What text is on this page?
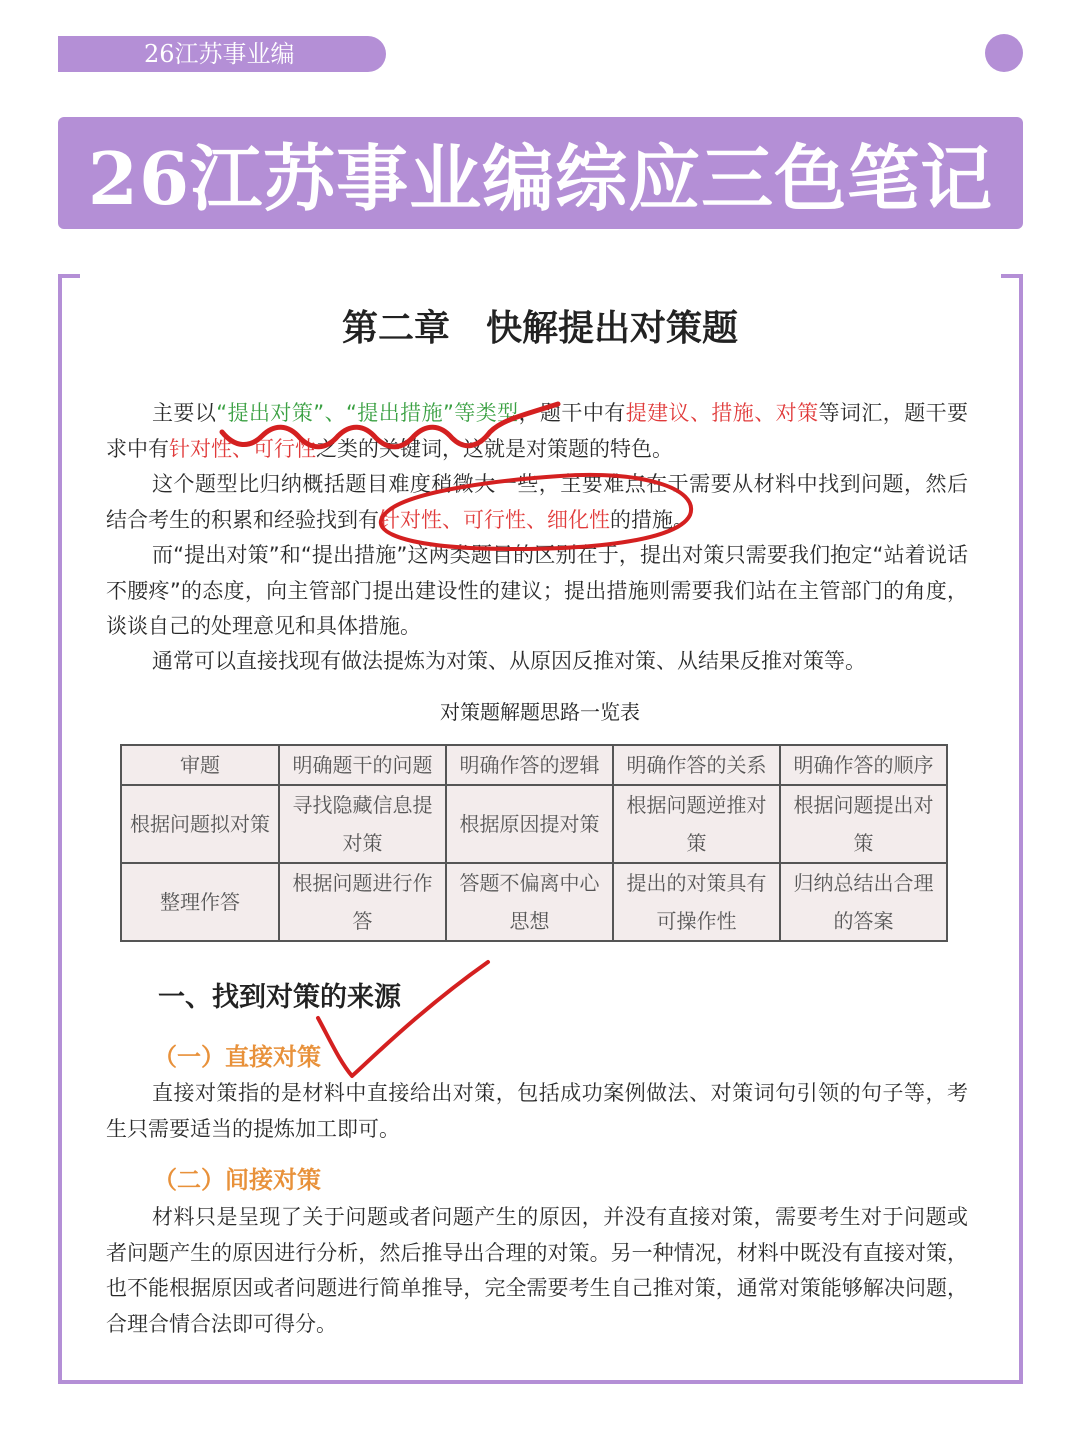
26江苏事业编
26江苏事业编综应三色笔记
第二章　快解提出对策题

主要以“提出对策”、“提出措施”等类型，题干中有提建议、措施、对策等词汇，题干要求中有针对性、可行性之类的关键词，这就是对策题的特色。

这个题型比归纳概括题目难度稍微大一些，主要难点在于需要从材料中找到问题，然后结合考生的积累和经验找到有针对性、可行性、细化性的措施。

而“提出对策”和“提出措施”这两类题目的区别在于，提出对策只需要我们抱定“站着说话不腰疼”的态度，向主管部门提出建设性的建议；提出措施则需要我们站在主管部门的角度，谈谈自己的处理意见和具体措施。

通常可以直接找现有做法提炼为对策、从原因反推对策、从结果反推对策等。

对策题解题思路一览表
审题	明确题干的问题	明确作答的逻辑	明确作答的关系	明确作答的顺序
根据问题拟对策	寻找隐藏信息提对策	根据原因提对策	根据问题逆推对策	根据问题提出对策
整理作答	根据问题进行作答	答题不偏离中心思想	提出的对策具有可操作性	归纳总结出合理的答案
一、找到对策的来源
（一）直接对策

直接对策指的是材料中直接给出对策，包括成功案例做法、对策词句引领的句子等，考生只需要适当的提炼加工即可。

（二）间接对策

材料只是呈现了关于问题或者问题产生的原因，并没有直接对策，需要考生对于问题或者问题产生的原因进行分析，然后推导出合理的对策。另一种情况，材料中既没有直接对策，也不能根据原因或者问题进行简单推导，完全需要考生自己推对策，通常对策能够解决问题，合理合情合法即可得分。
